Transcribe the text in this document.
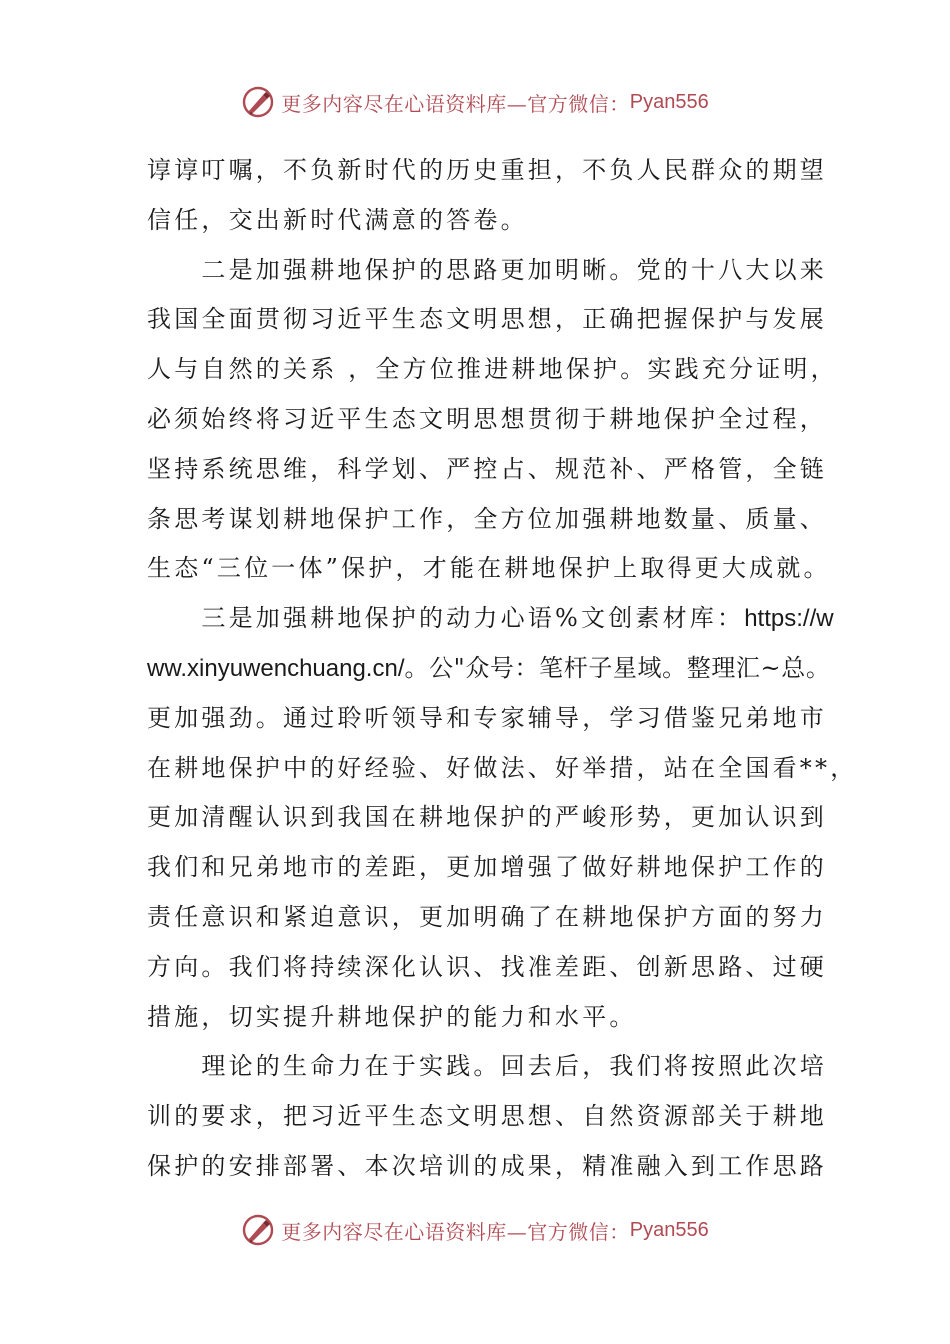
更多内容尽在心语资料库—官方微信： Pyan556
谆谆叮嘱，不负新时代的历史重担，不负人民群众的期望
信任，交出新时代满意的答卷。
　　二是加强耕地保护的思路更加明晰。党的十八大以来
我国全面贯彻习近平生态文明思想，正确把握保护与发展
人与自然的关系 ，全方位推进耕地保护。实践充分证明，
必须始终将习近平生态文明思想贯彻于耕地保护全过程，
坚持系统思维，科学划、严控占、规范补、严格管，全链
条思考谋划耕地保护工作，全方位加强耕地数量、质量、
生态“三位一体”保护，才能在耕地保护上取得更大成就。
　　三是加强耕地保护的动力心语%文创素材库：https://w
ww.xinyuwenchuang.cn/。公"众号：笔杆子星域。整理汇~总。
更加强劲。通过聆听领导和专家辅导，学习借鉴兄弟地市
在耕地保护中的好经验、好做法、好举措，站在全国看**，
更加清醒认识到我国在耕地保护的严峻形势，更加认识到
我们和兄弟地市的差距，更加增强了做好耕地保护工作的
责任意识和紧迫意识，更加明确了在耕地保护方面的努力
方向。我们将持续深化认识、找准差距、创新思路、过硬
措施，切实提升耕地保护的能力和水平。
　　理论的生命力在于实践。回去后，我们将按照此次培
训的要求，把习近平生态文明思想、自然资源部关于耕地
保护的安排部署、本次培训的成果，精准融入到工作思路
更多内容尽在心语资料库—官方微信： Pyan556
